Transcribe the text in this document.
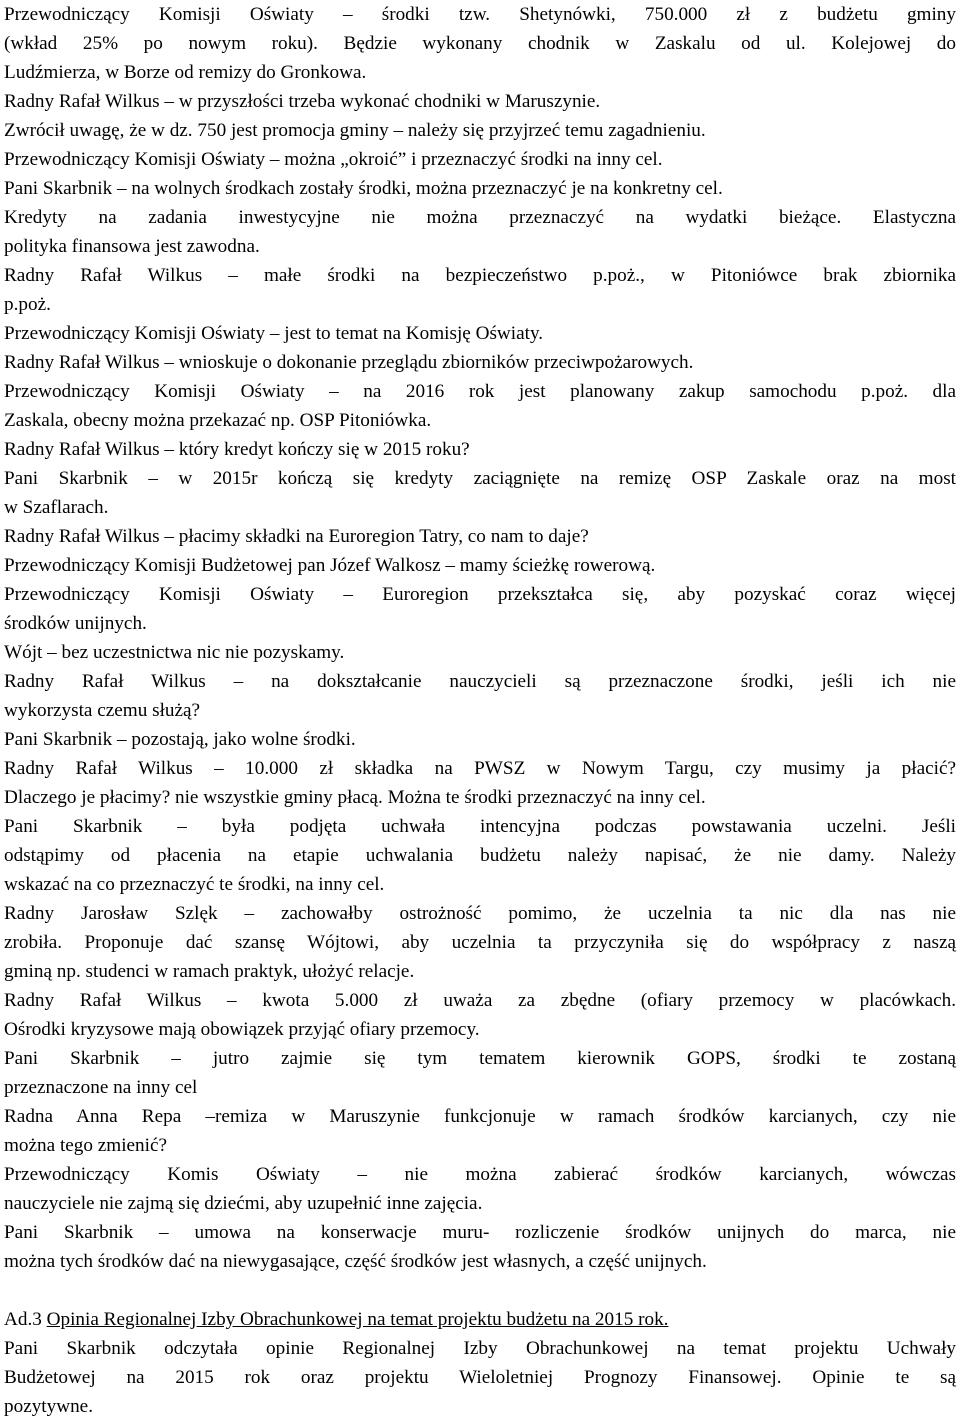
Przewodniczący Komisji Oświaty – środki tzw. Shetynówki, 750.000 zł z budżetu gminy
(wkład 25% po nowym roku). Będzie wykonany chodnik w Zaskalu od ul. Kolejowej do
Ludźmierza, w Borze od remizy do Gronkowa.
Radny Rafał Wilkus – w przyszłości trzeba wykonać chodniki w Maruszynie.
Zwrócił uwagę, że w dz. 750 jest promocja gminy – należy się przyjrzeć temu zagadnieniu.
Przewodniczący Komisji Oświaty – można „okroić” i przeznaczyć środki na inny cel.
Pani Skarbnik – na wolnych środkach zostały środki, można przeznaczyć je na konkretny cel.
Kredyty na zadania inwestycyjne nie można przeznaczyć na wydatki bieżące. Elastyczna
polityka finansowa jest zawodna.
Radny Rafał Wilkus – małe środki na bezpieczeństwo p.poż., w Pitoniówce brak zbiornika
p.poż.
Przewodniczący Komisji Oświaty – jest to temat na Komisję Oświaty.
Radny Rafał Wilkus – wnioskuje o dokonanie przeglądu zbiorników przeciwpożarowych.
Przewodniczący Komisji Oświaty – na 2016 rok jest planowany zakup samochodu p.poż. dla
Zaskala, obecny można przekazać np. OSP Pitoniówka.
Radny Rafał Wilkus – który kredyt kończy się w 2015 roku?
Pani Skarbnik – w 2015r kończą się kredyty zaciągnięte na remizę OSP Zaskale oraz na most
w Szaflarach.
Radny Rafał Wilkus – płacimy składki na Euroregion Tatry, co nam to daje?
Przewodniczący Komisji Budżetowej pan Józef Walkosz – mamy ścieżkę rowerową.
Przewodniczący Komisji Oświaty – Euroregion przekształca się, aby pozyskać coraz więcej
środków unijnych.
Wójt – bez uczestnictwa nic nie pozyskamy.
Radny Rafał Wilkus – na dokształcanie nauczycieli są przeznaczone środki, jeśli ich nie
wykorzysta czemu służą?
Pani Skarbnik – pozostają, jako wolne środki.
Radny Rafał Wilkus – 10.000 zł składka na PWSZ w Nowym Targu, czy musimy ja płacić?
Dlaczego je płacimy? nie wszystkie gminy płacą. Można te środki przeznaczyć na inny cel.
Pani Skarbnik – była podjęta uchwała intencyjna podczas powstawania uczelni. Jeśli
odstąpimy od płacenia na etapie uchwalania budżetu należy napisać, że nie damy. Należy
wskazać na co przeznaczyć te środki, na inny cel.
Radny Jarosław Szlęk – zachowałby ostrożność pomimo, że uczelnia ta nic dla nas nie
zrobiła. Proponuje dać szansę Wójtowi, aby uczelnia ta przyczyniła się do współpracy z naszą
gminą np. studenci w ramach praktyk, ułożyć relacje.
Radny Rafał Wilkus – kwota 5.000 zł uważa za zbędne (ofiary przemocy w placówkach.
Ośrodki kryzysowe mają obowiązek przyjąć ofiary przemocy.
Pani Skarbnik – jutro zajmie się tym tematem kierownik GOPS, środki te zostaną
przeznaczone na inny cel
Radna Anna Repa –remiza w Maruszynie funkcjonuje w ramach środków karcianych, czy nie
można tego zmienić?
Przewodniczący Komis Oświaty – nie można zabierać środków karcianych, wówczas
nauczyciele nie zajmą się dziećmi, aby uzupełnić inne zajęcia.
Pani Skarbnik – umowa na konserwacje muru- rozliczenie środków unijnych do marca, nie
można tych środków dać na niewygasające, część środków jest własnych, a część unijnych.
Ad.3 Opinia Regionalnej Izby Obrachunkowej na temat projektu budżetu na 2015 rok.
Pani Skarbnik odczytała opinie Regionalnej Izby Obrachunkowej na temat projektu Uchwały
Budżetowej na 2015 rok oraz projektu Wieloletniej Prognozy Finansowej. Opinie te są
pozytywne.
